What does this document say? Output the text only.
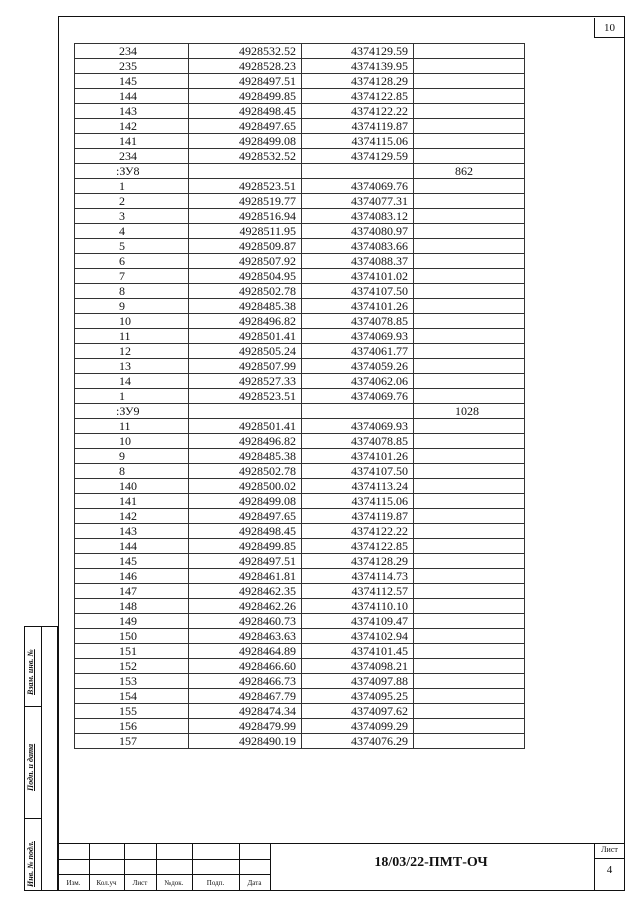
10
234	4928532.52	4374129.59	
235	4928528.23	4374139.95	
145	4928497.51	4374128.29	
144	4928499.85	4374122.85	
143	4928498.45	4374122.22	
142	4928497.65	4374119.87	
141	4928499.08	4374115.06	
234	4928532.52	4374129.59	
:ЗУ8			862
1	4928523.51	4374069.76	
2	4928519.77	4374077.31	
3	4928516.94	4374083.12	
4	4928511.95	4374080.97	
5	4928509.87	4374083.66	
6	4928507.92	4374088.37	
7	4928504.95	4374101.02	
8	4928502.78	4374107.50	
9	4928485.38	4374101.26	
10	4928496.82	4374078.85	
11	4928501.41	4374069.93	
12	4928505.24	4374061.77	
13	4928507.99	4374059.26	
14	4928527.33	4374062.06	
1	4928523.51	4374069.76	
:ЗУ9			1028
11	4928501.41	4374069.93	
10	4928496.82	4374078.85	
9	4928485.38	4374101.26	
8	4928502.78	4374107.50	
140	4928500.02	4374113.24	
141	4928499.08	4374115.06	
142	4928497.65	4374119.87	
143	4928498.45	4374122.22	
144	4928499.85	4374122.85	
145	4928497.51	4374128.29	
146	4928461.81	4374114.73	
147	4928462.35	4374112.57	
148	4928462.26	4374110.10	
149	4928460.73	4374109.47	
150	4928463.63	4374102.94	
151	4928464.89	4374101.45	
152	4928466.60	4374098.21	
153	4928466.73	4374097.88	
154	4928467.79	4374095.25	
155	4928474.34	4374097.62	
156	4928479.99	4374099.29	
157	4928490.19	4374076.29	
Взам. инв. №
Подп. и дата
Инв. № подл.	Изм.	Кол.уч	Лист	№док.	Подп.	Дата
18/03/22-ПМТ-ОЧ
Лист
4
